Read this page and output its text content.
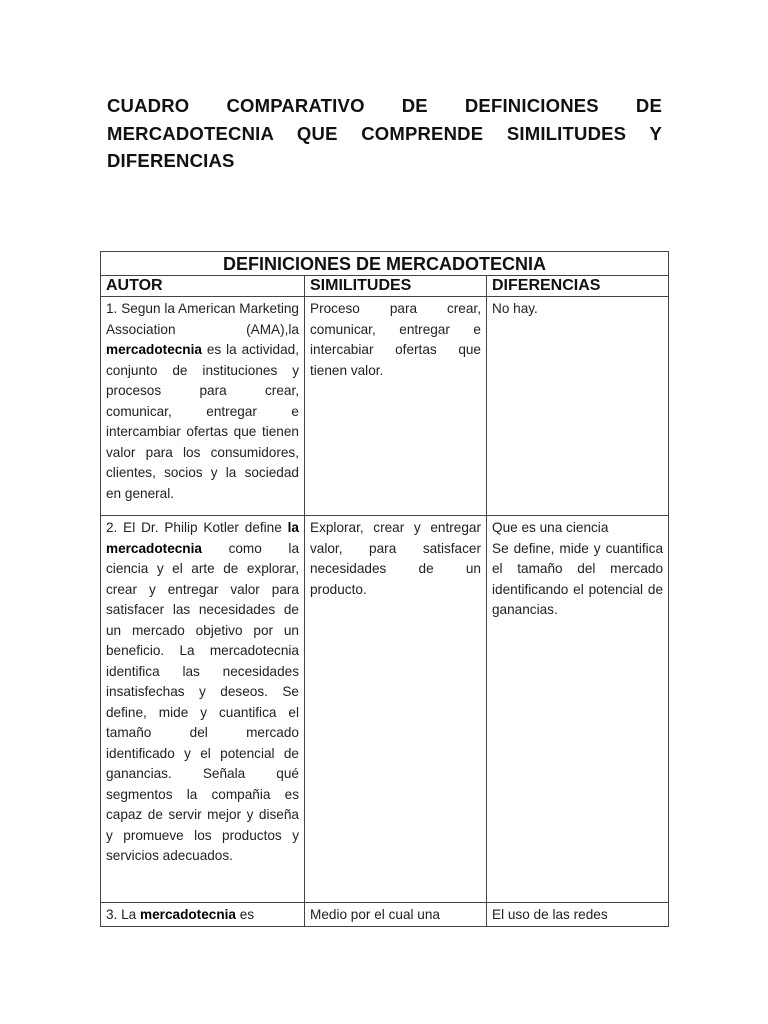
CUADRO COMPARATIVO DE DEFINICIONES DE MERCADOTECNIA QUE COMPRENDE SIMILITUDES Y DIFERENCIAS
DEFINICIONES DE MERCADOTECNIA		
AUTOR	SIMILITUDES	DIFERENCIAS
1. Segun la American Marketing Association (AMA),la mercadotecnia es la actividad, conjunto de instituciones y procesos para crear, comunicar, entregar e intercambiar ofertas que tienen valor para los consumidores, clientes, socios y la sociedad en general.	Proceso para crear, comunicar, entregar e intercabiar ofertas que tienen valor.	No hay.

2. El Dr. Philip Kotler define la mercadotecnia como la ciencia y el arte de explorar, crear y entregar valor para satisfacer las necesidades de un mercado objetivo por un beneficio. La mercadotecnia identifica las necesidades insatisfechas y deseos. Se define, mide y cuantifica el tamaño del mercado identificado y el potencial de ganancias. Señala qué segmentos la compañia es capaz de servir mejor y diseña y promueve los productos y servicios adecuados.	Explorar, crear y entregar valor, para satisfacer necesidades de un producto.	Que es una ciencia
Se define, mide y cuantifica el tamaño del mercado identificando el potencial de ganancias.

3. La mercadotecnia es	Medio por el cual una	El uso de las redes
